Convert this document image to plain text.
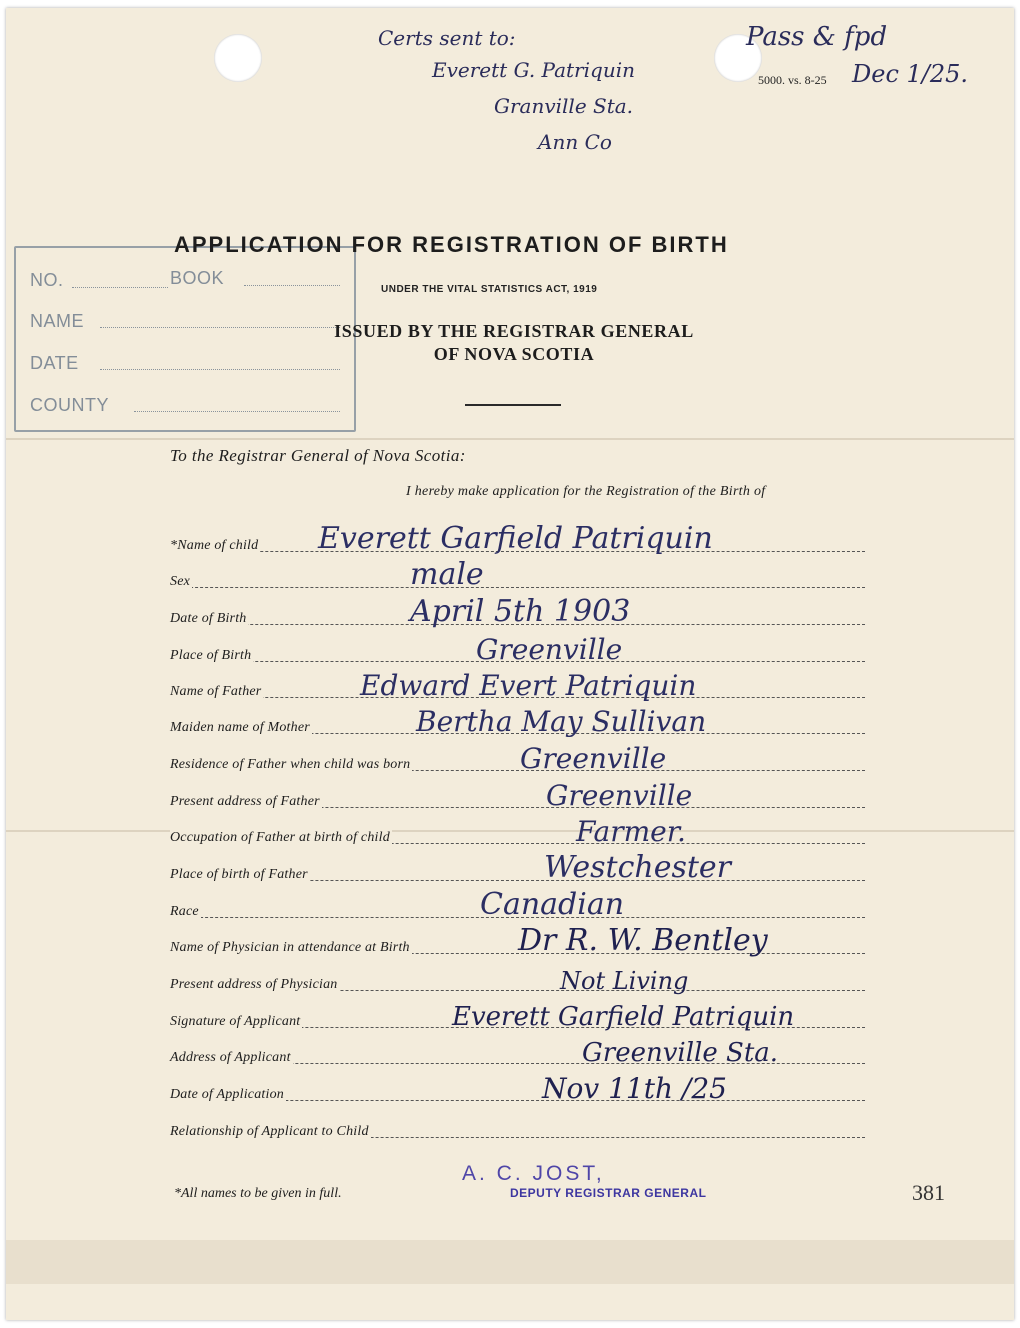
Certs sent to:
Everett G. Patriquin
Granville Sta.
Ann Co
Pass & fpd
Dec 1/25.
5000. vs. 8-25
NO.	BOOK
NAME
DATE
COUNTY
APPLICATION FOR REGISTRATION OF BIRTH
UNDER THE VITAL STATISTICS ACT, 1919
ISSUED BY THE REGISTRAR GENERAL
OF NOVA SCOTIA
To the Registrar General of Nova Scotia:
I hereby make application for the Registration of the Birth of
*Name of child Everett Garfield Patriquin
Sex	male
Date of Birth	April 5th 1903
Place of Birth	Greenville
Name of Father	Edward Evert Patriquin
Maiden name of Mother	Bertha May Sullivan
Residence of Father when child was born	Greenville
Present address of Father	Greenville
Occupation of Father at birth of child	Farmer.
Place of birth of Father	Westchester
Race	Canadian
Name of Physician in attendance at Birth	Dr R. W. Bentley
Present address of Physician	Not Living
Signature of Applicant	Everett Garfield Patriquin
Address of Applicant	Greenville Sta.
Date of Application	Nov 11th /25
Relationship of Applicant to Child
*All names to be given in full.
A. C. JOST,
DEPUTY REGISTRAR GENERAL	381
